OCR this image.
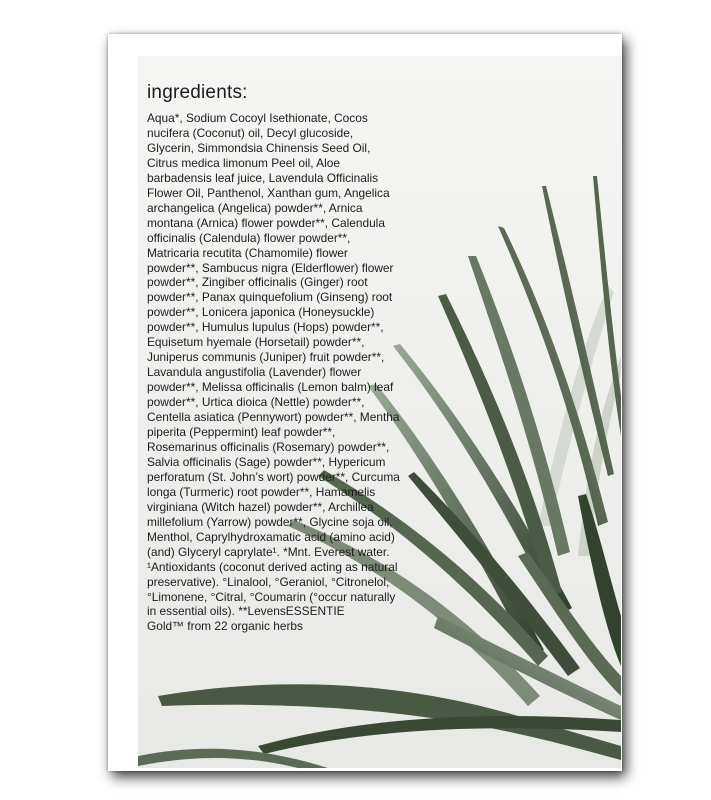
ingredients:

Aqua*, Sodium Cocoyl Isethionate, Cocos
nucifera (Coconut) oil, Decyl glucoside,
Glycerin, Simmondsia Chinensis Seed Oil,
Citrus medica limonum Peel oil, Aloe
barbadensis leaf juice, Lavendula Officinalis
Flower Oil, Panthenol, Xanthan gum, Angelica
archangelica (Angelica) powder**, Arnica
montana (Arnica) flower powder**, Calendula
officinalis (Calendula) flower powder**,
Matricaria recutita (Chamomile) flower
powder**, Sambucus nigra (Elderflower) flower
powder**, Zingiber officinalis (Ginger) root
powder**, Panax quinquefolium (Ginseng) root
powder**, Lonicera japonica (Honeysuckle)
powder**, Humulus lupulus (Hops) powder**,
Equisetum hyemale (Horsetail) powder**,
Juniperus communis (Juniper) fruit powder**,
Lavandula angustifolia (Lavender) flower
powder**, Melissa officinalis (Lemon balm) leaf
powder**, Urtica dioica (Nettle) powder**,
Centella asiatica (Pennywort) powder**, Mentha
piperita (Peppermint) leaf powder**,
Rosemarinus officinalis (Rosemary) powder**,
Salvia officinalis (Sage) powder**, Hypericum
perforatum (St. John’s wort) powder**, Curcuma
longa (Turmeric) root powder**, Hamamelis
virginiana (Witch hazel) powder**, Archillea
millefolium (Yarrow) powder**, Glycine soja oil,
Menthol, Caprylhydroxamatic acid (amino acid)
(and) Glyceryl caprylate¹. *Mnt. Everest water.
¹Antioxidants (coconut derived acting as natural
preservative). °Linalool, °Geraniol, °Citronelol,
°Limonene, °Citral, °Coumarin (°occur naturally
in essential oils). **LevensESSENTIE
Gold™ from 22 organic herbs
